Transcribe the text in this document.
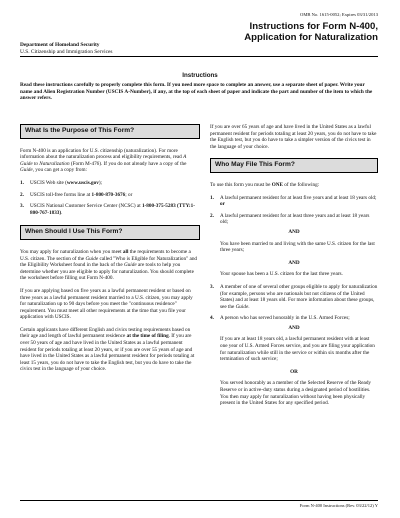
OMB No. 1615-0052; Expires 03/31/2013
Instructions for Form N-400,
Application for Naturalization
Department of Homeland Security
U.S. Citizenship and Immigration Services
Instructions
Read these instructions carefully to properly complete this form. If you need more space to complete an answer, use a separate sheet of paper. Write your name and Alien Registration Number (USCIS A-Number), if any, at the top of each sheet of paper and indicate the part and number of the item to which the answer refers.
What Is the Purpose of This Form?

Form N-400 is an application for U.S. citizenship (naturalization). For more information about the naturalization process and eligibility requirements, read A Guide to Naturalization (Form M-476). If you do not already have a copy of the Guide, you can get a copy from:

1.	USCIS Web site (www.uscis.gov);
2.	USCIS toll-free forms line at 1-800-870-3676; or
3.	USCIS National Customer Service Center (NCSC) at 1-800-375-5283 (TTY:1-800-767-1833).
When Should I Use This Form?

You may apply for naturalization when you meet all the requirements to become a U.S. citizen. The section of the Guide called "Who is Eligible for Naturalization" and the Eligibility Worksheet found in the back of the Guide are tools to help you determine whether you are eligible to apply for naturalization. You should complete the worksheet before filling out Form N-400.

If you are applying based on five years as a lawful permanent resident or based on three years as a lawful permanent resident married to a U.S. citizen, you may apply for naturalization up to 90 days before you meet the "continuous residence" requirement. You must meet all other requirements at the time that you file your application with USCIS.

Certain applicants have different English and civics testing requirements based on their age and length of lawful permanent residence at the time of filing. If you are over 50 years of age and have lived in the United States as a lawful permanent resident for periods totaling at least 20 years, or if you are over 55 years of age and have lived in the United States as a lawful permanent resident for periods totaling at least 15 years, you do not have to take the English test, but you do have to take the civics test in the language of your choice.

If you are over 65 years of age and have lived in the United States as a lawful permanent resident for periods totaling at least 20 years, you do not have to take the English test, but you do have to take a simpler version of the civics test in the language of your choice.

Who May File This Form?

To use this form you must be ONE of the following:

1.	A lawful permanent resident for at least five years and at least 18 years old; or
2.	A lawful permanent resident for at least three years and at least 18 years old;
AND
You have been married to and living with the same U.S. citizen for the last three years;
AND
Your spouse has been a U.S. citizen for the last three years.
3.	A member of one of several other groups eligible to apply for naturalization (for example, persons who are nationals but not citizens of the United States) and at least 18 years old. For more information about these groups, see the Guide.
4.	A person who has served honorably in the U.S. Armed Forces;
AND
If you are at least 18 years old, a lawful permanent resident with at least one year of U.S. Armed Forces service, and you are filing your application for naturalization while still in the service or within six months after the termination of such service;
OR
You served honorably as a member of the Selected Reserve of the Ready Reserve or in active-duty status during a designated period of hostilities. You then may apply for naturalization without having been physically present in the United States for any specified period.
Form N-400 Instructions (Rev. 03/22/12) Y
